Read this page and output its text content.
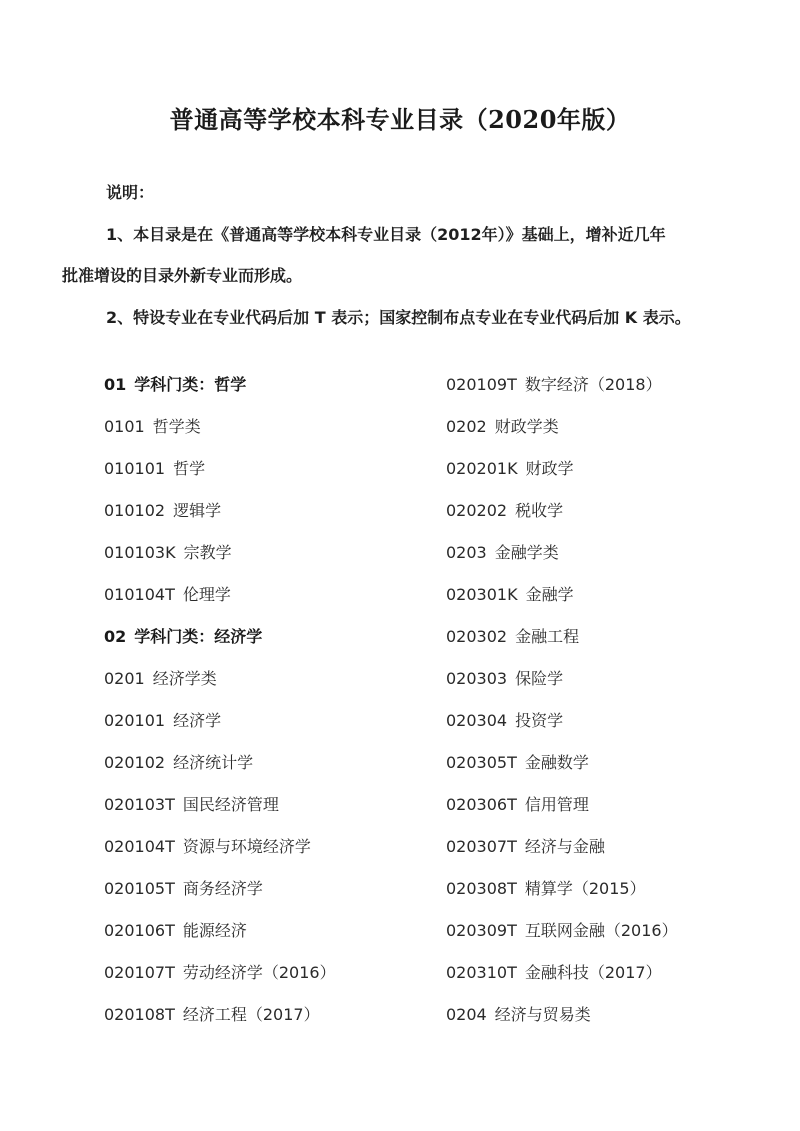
普通高等学校本科专业目录（2020年版）

说明：

1、本目录是在《普通高等学校本科专业目录（2012年）》基础上，增补近几年

批准增设的目录外新专业而形成。

2、特设专业在专业代码后加 T 表示；国家控制布点专业在专业代码后加 K 表示。

01 学科门类：哲学
0101 哲学类
010101 哲学
010102 逻辑学
010103K 宗教学
010104T 伦理学
02 学科门类：经济学
0201 经济学类
020101 经济学
020102 经济统计学
020103T 国民经济管理
020104T 资源与环境经济学
020105T 商务经济学
020106T 能源经济
020107T 劳动经济学（2016）
020108T 经济工程（2017）
020109T 数字经济（2018）
0202 财政学类
020201K 财政学
020202 税收学
0203 金融学类
020301K 金融学
020302 金融工程
020303 保险学
020304 投资学
020305T 金融数学
020306T 信用管理
020307T 经济与金融
020308T 精算学（2015）
020309T 互联网金融（2016）
020310T 金融科技（2017）
0204 经济与贸易类
